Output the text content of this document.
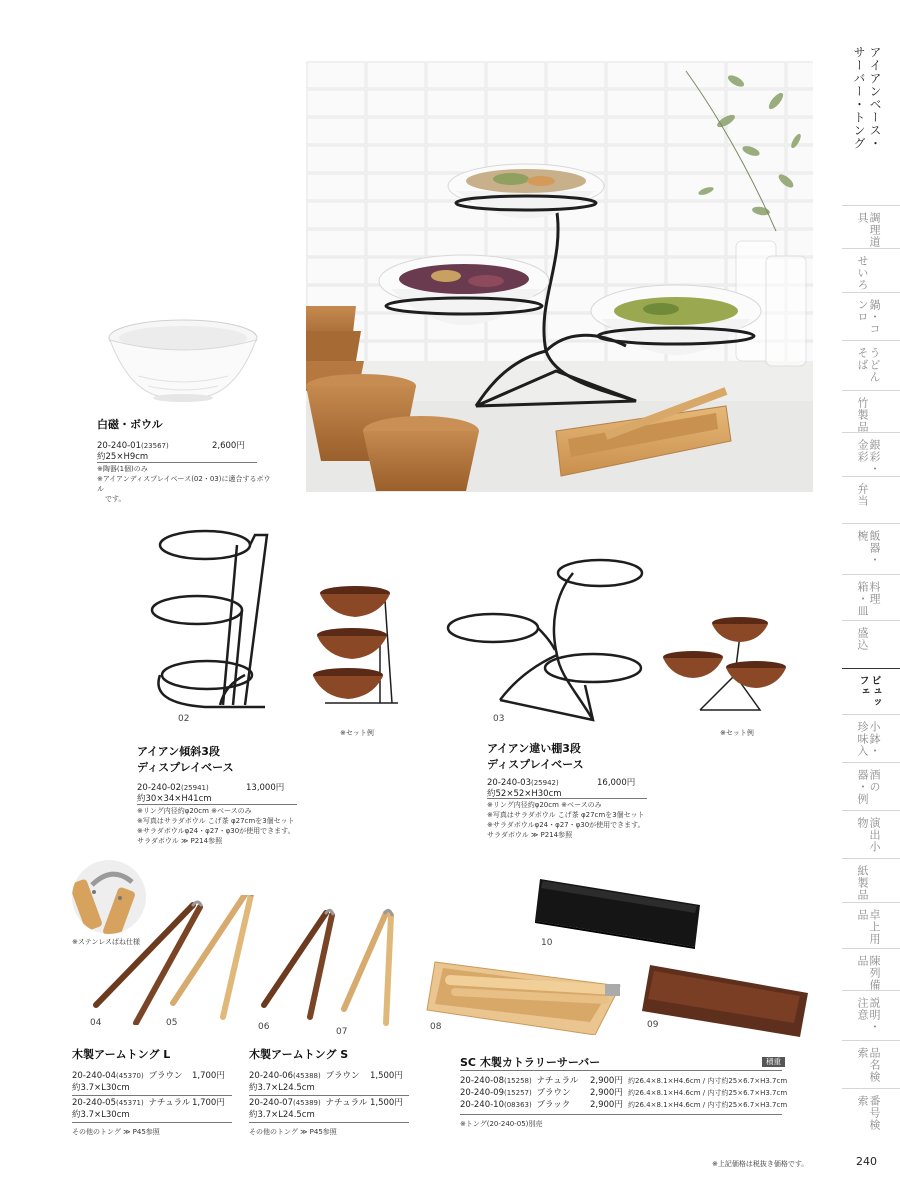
アイアンベース・
サーバー・トング
調理道具
せいろ
鍋・コンロ
うどんそば
竹製品
銀彩・金彩
弁当
飯器・椀
料理箱・皿
盛込
ビュッフェ
小鉢・珍味入
酒の器・例
演出小物
紙製品
卓上用品
陳列備品
説明・注意
品名検索
番号検索
白磁・ボウル
20-240-01(23567)	2,600円
約25×H9cm
※陶器(1個)のみ
※アイアンディスプレイベース(02・03)に適合するボウル
です。
02
※セット例
アイアン傾斜3段
ディスプレイベース
20-240-02(25941)	13,000円
約30×34×H41cm
※リング内径約φ20cm ※ベースのみ
※写真はサラダボウル こげ茶 φ27cmを3個セット
※サラダボウルφ24・φ27・φ30が使用できます。
サラダボウル ≫ P214参照
03
※セット例
アイアン違い棚3段
ディスプレイベース
20-240-03(25942)	16,000円
約52×52×H30cm
※リング内径約φ20cm ※ベースのみ
※写真はサラダボウル こげ茶 φ27cmを3個セット
※サラダボウルφ24・φ27・φ30が使用できます。
サラダボウル ≫ P214参照
※ステンレスばね仕様
04	05	06	07
木製アームトング L
20-240-04(45370) ブラウン 1,700円
約3.7×L30cm
20-240-05(45371) ナチュラル 1,700円
約3.7×L30cm
その他のトング ≫ P45参照
木製アームトング S
20-240-06(45388) ブラウン 1,500円
約3.7×L24.5cm
20-240-07(45389) ナチュラル 1,500円
約3.7×L24.5cm
その他のトング ≫ P45参照
10
08	09
SC 木製カトラリーサーバー	積重
20-240-08(15258) ナチュラル 2,900円 約26.4×8.1×H4.6cm / 内寸約25×6.7×H3.7cm
20-240-09(15257) ブラウン 2,900円 約26.4×8.1×H4.6cm / 内寸約25×6.7×H3.7cm
20-240-10(08363) ブラック 2,900円 約26.4×8.1×H4.6cm / 内寸約25×6.7×H3.7cm
※トング(20-240-05)別売
※上記価格は税抜き価格です。	240
